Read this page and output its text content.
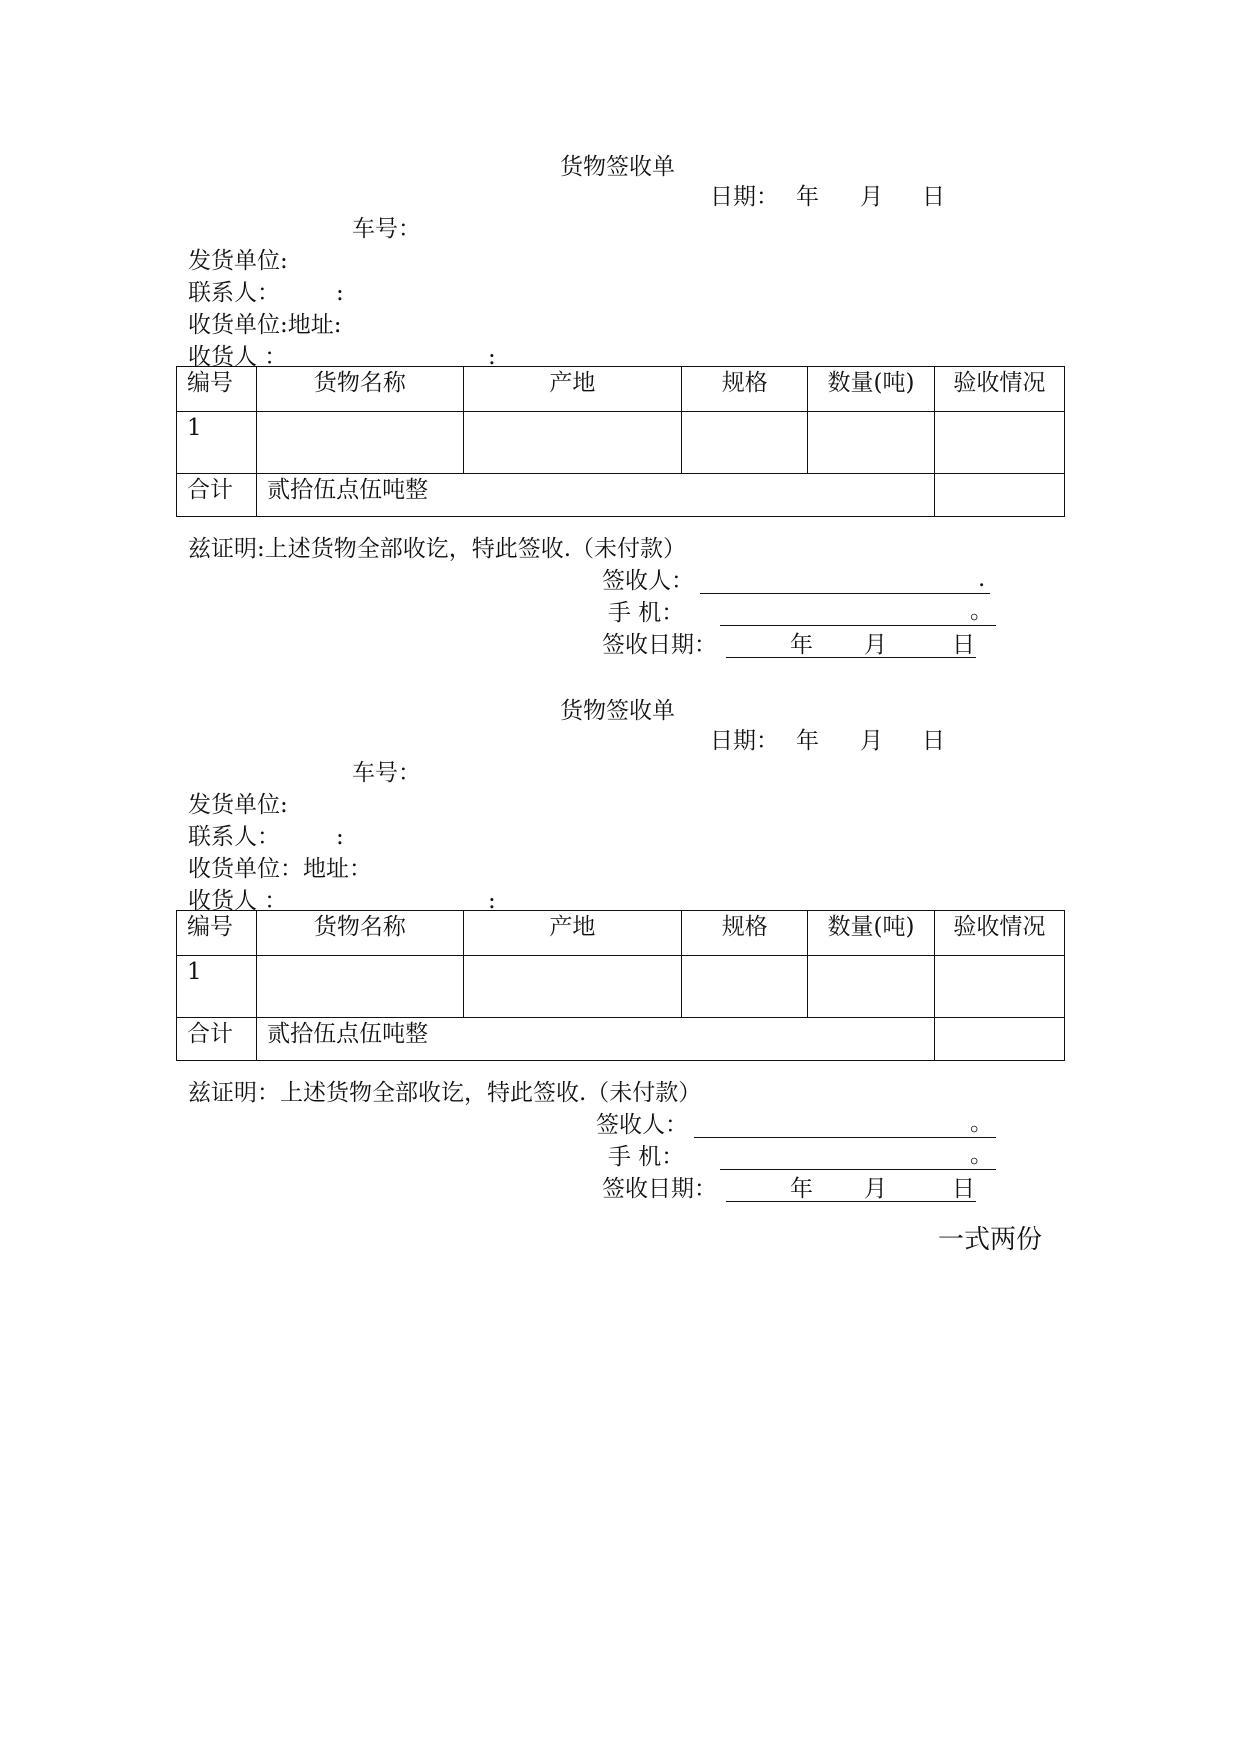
货物签收单
日期： 年 月 日
车号：
发货单位:
联系人： :
收货单位:地址:
收货人 ：	:
编号	货物名称	产地	规格	数量(吨)	验收情况
1					
合计	贰拾伍点伍吨整				
兹证明:上述货物全部收讫，特此签收.（未付款）
签收人：	.
手 机：	。
签收日期：	年 月	日
货物签收单
日期： 年 月 日
车号：
发货单位:
联系人： :
收货单位：地址：
收货人 ：	:
编号	货物名称	产地	规格	数量(吨)	验收情况
1					
合计	贰拾伍点伍吨整				
兹证明：上述货物全部收讫，特此签收.（未付款）
签收人：	。
手 机：	。
签收日期：	年 月	日
一式两份
